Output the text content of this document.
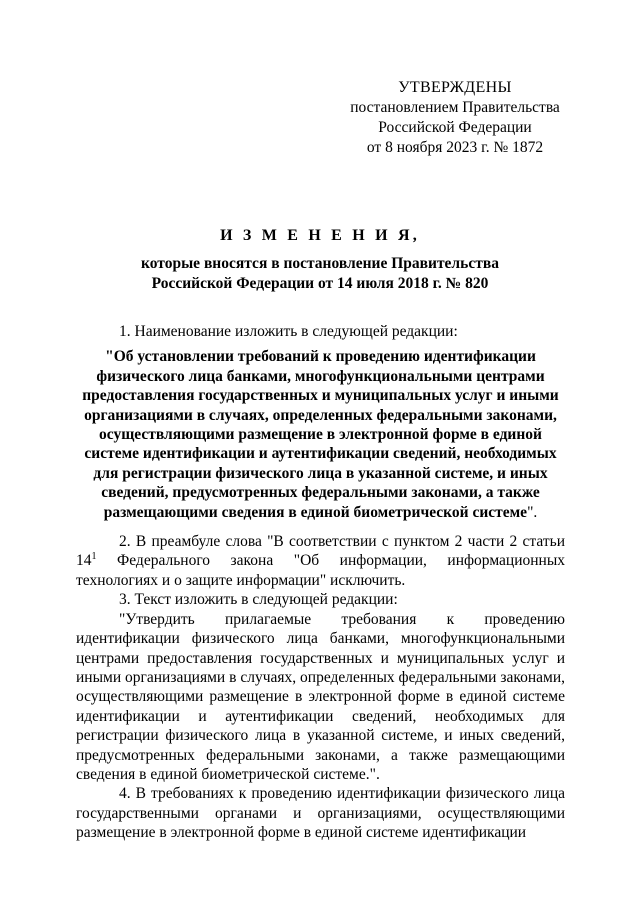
УТВЕРЖДЕНЫ
постановлением Правительства
Российской Федерации
от 8 ноября 2023 г. № 1872
И З М Е Н Е Н И Я,
которые вносятся в постановление Правительства
Российской Федерации от 14 июля 2018 г. № 820

1. Наименование изложить в следующей редакции:

"Об установлении требований к проведению идентификации физического лица банками, многофункциональными центрами предоставления государственных и муниципальных услуг и иными организациями в случаях, определенных федеральными законами, осуществляющими размещение в электронной форме в единой системе идентификации и аутентификации сведений, необходимых для регистрации физического лица в указанной системе, и иных сведений, предусмотренных федеральными законами, а также размещающими сведения в единой биометрической системе".

2. В преамбуле слова "В соответствии с пунктом 2 части 2 статьи $14^1$ Федерального закона "Об информации, информационных технологиях и о защите информации" исключить.

3. Текст изложить в следующей редакции:

"Утвердить прилагаемые требования к проведению идентификации физического лица банками, многофункциональными центрами предоставления государственных и муниципальных услуг и иными организациями в случаях, определенных федеральными законами, осуществляющими размещение в электронной форме в единой системе идентификации и аутентификации сведений, необходимых для регистрации физического лица в указанной системе, и иных сведений, предусмотренных федеральными законами, а также размещающими сведения в единой биометрической системе.".

4. В требованиях к проведению идентификации физического лица государственными органами и организациями, осуществляющими размещение в электронной форме в единой системе идентификации
